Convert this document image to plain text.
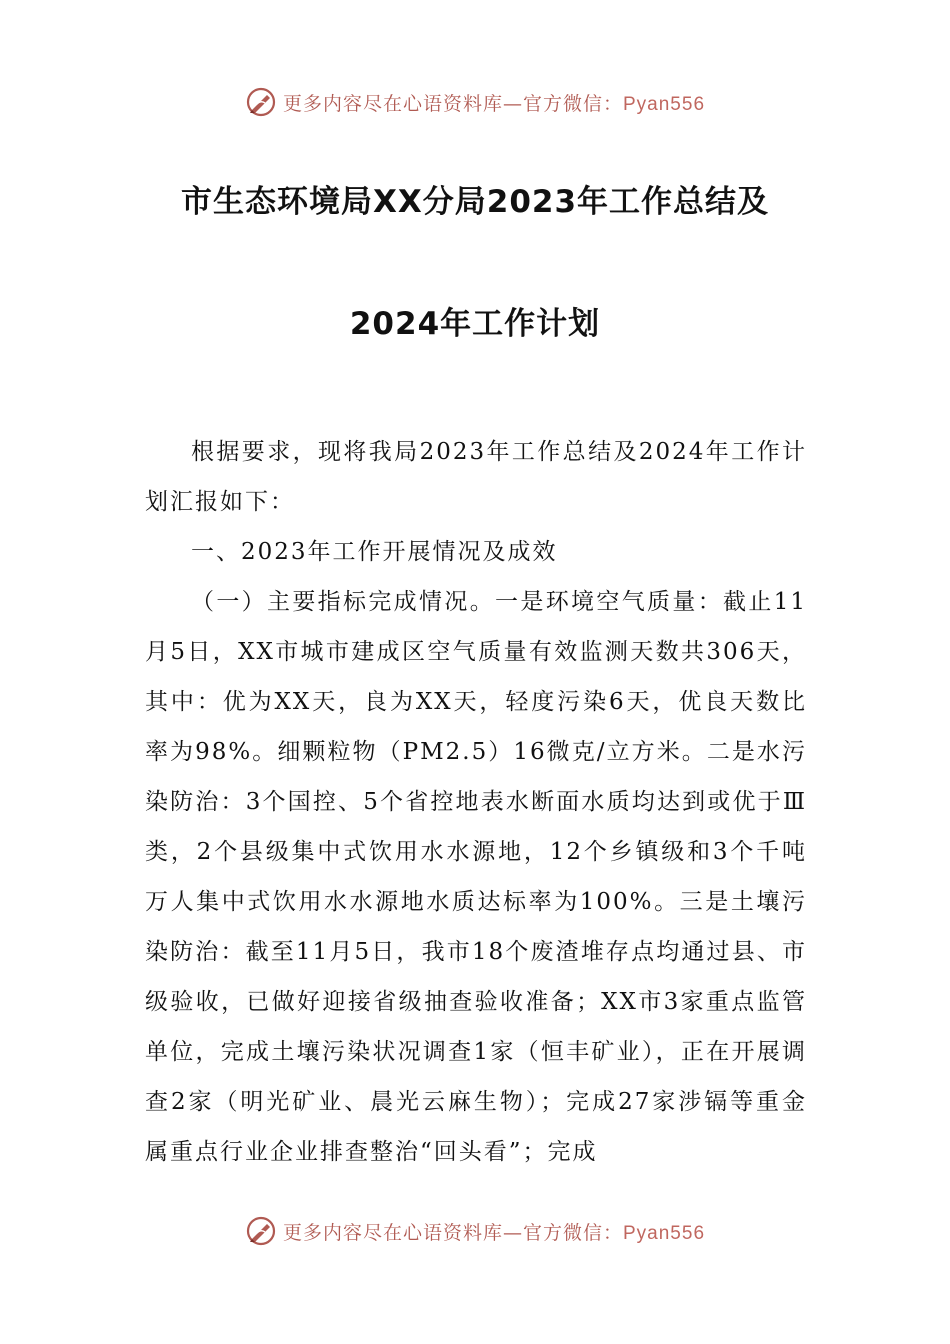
更多内容尽在心语资料库—官方微信：Pyan556
市生态环境局XX分局2023年工作总结及
2024年工作计划

根据要求，现将我局2023年工作总结及2024年工作计划汇报如下：

一、2023年工作开展情况及成效

（一）主要指标完成情况。一是环境空气质量：截止11月5日，XX市城市建成区空气质量有效监测天数共306天，其中：优为XX天，良为XX天，轻度污染6天，优良天数比率为98%。细颗粒物（PM2.5）16微克/立方米。二是水污染防治：3个国控、5个省控地表水断面水质均达到或优于Ⅲ类，2个县级集中式饮用水水源地，12个乡镇级和3个千吨万人集中式饮用水水源地水质达标率为100%。三是土壤污染防治：截至11月5日，我市18个废渣堆存点均通过县、市级验收，已做好迎接省级抽查验收准备；XX市3家重点监管单位，完成土壤污染状况调查1家（恒丰矿业），正在开展调查2家（明光矿业、晨光云麻生物）；完成27家涉镉等重金属重点行业企业排查整治“回头看”；完成

更多内容尽在心语资料库—官方微信：Pyan556
